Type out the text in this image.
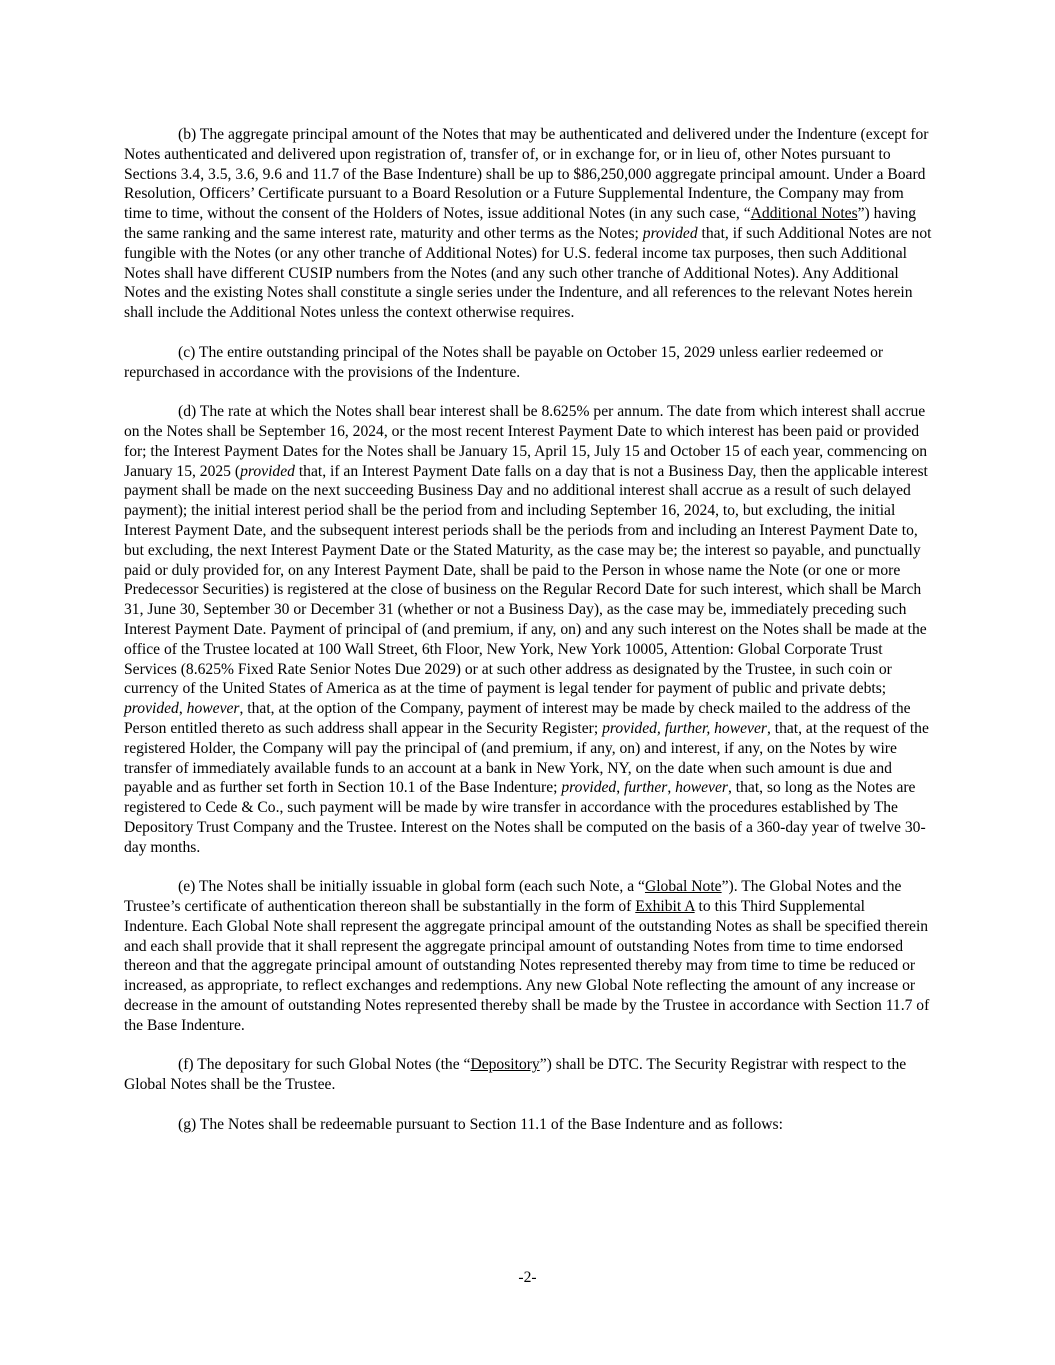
(b) The aggregate principal amount of the Notes that may be authenticated and delivered under the Indenture (except for Notes authenticated and delivered upon registration of, transfer of, or in exchange for, or in lieu of, other Notes pursuant to Sections 3.4, 3.5, 3.6, 9.6 and 11.7 of the Base Indenture) shall be up to $86,250,000 aggregate principal amount. Under a Board Resolution, Officers’ Certificate pursuant to a Board Resolution or a Future Supplemental Indenture, the Company may from time to time, without the consent of the Holders of Notes, issue additional Notes (in any such case, “Additional Notes”) having the same ranking and the same interest rate, maturity and other terms as the Notes; provided that, if such Additional Notes are not fungible with the Notes (or any other tranche of Additional Notes) for U.S. federal income tax purposes, then such Additional Notes shall have different CUSIP numbers from the Notes (and any such other tranche of Additional Notes). Any Additional Notes and the existing Notes shall constitute a single series under the Indenture, and all references to the relevant Notes herein shall include the Additional Notes unless the context otherwise requires.

(c) The entire outstanding principal of the Notes shall be payable on October 15, 2029 unless earlier redeemed or repurchased in accordance with the provisions of the Indenture.

(d) The rate at which the Notes shall bear interest shall be 8.625% per annum. The date from which interest shall accrue on the Notes shall be September 16, 2024, or the most recent Interest Payment Date to which interest has been paid or provided for; the Interest Payment Dates for the Notes shall be January 15, April 15, July 15 and October 15 of each year, commencing on January 15, 2025 (provided that, if an Interest Payment Date falls on a day that is not a Business Day, then the applicable interest payment shall be made on the next succeeding Business Day and no additional interest shall accrue as a result of such delayed payment); the initial interest period shall be the period from and including September 16, 2024, to, but excluding, the initial Interest Payment Date, and the subsequent interest periods shall be the periods from and including an Interest Payment Date to, but excluding, the next Interest Payment Date or the Stated Maturity, as the case may be; the interest so payable, and punctually paid or duly provided for, on any Interest Payment Date, shall be paid to the Person in whose name the Note (or one or more Predecessor Securities) is registered at the close of business on the Regular Record Date for such interest, which shall be March 31, June 30, September 30 or December 31 (whether or not a Business Day), as the case may be, immediately preceding such Interest Payment Date. Payment of principal of (and premium, if any, on) and any such interest on the Notes shall be made at the office of the Trustee located at 100 Wall Street, 6th Floor, New York, New York 10005, Attention: Global Corporate Trust Services (8.625% Fixed Rate Senior Notes Due 2029) or at such other address as designated by the Trustee, in such coin or currency of the United States of America as at the time of payment is legal tender for payment of public and private debts; provided, however, that, at the option of the Company, payment of interest may be made by check mailed to the address of the Person entitled thereto as such address shall appear in the Security Register; provided, further, however, that, at the request of the registered Holder, the Company will pay the principal of (and premium, if any, on) and interest, if any, on the Notes by wire transfer of immediately available funds to an account at a bank in New York, NY, on the date when such amount is due and payable and as further set forth in Section 10.1 of the Base Indenture; provided, further, however, that, so long as the Notes are registered to Cede & Co., such payment will be made by wire transfer in accordance with the procedures established by The Depository Trust Company and the Trustee. Interest on the Notes shall be computed on the basis of a 360-day year of twelve 30-day months.

(e) The Notes shall be initially issuable in global form (each such Note, a “Global Note”). The Global Notes and the Trustee’s certificate of authentication thereon shall be substantially in the form of Exhibit A to this Third Supplemental Indenture. Each Global Note shall represent the aggregate principal amount of the outstanding Notes as shall be specified therein and each shall provide that it shall represent the aggregate principal amount of outstanding Notes from time to time endorsed thereon and that the aggregate principal amount of outstanding Notes represented thereby may from time to time be reduced or increased, as appropriate, to reflect exchanges and redemptions. Any new Global Note reflecting the amount of any increase or decrease in the amount of outstanding Notes represented thereby shall be made by the Trustee in accordance with Section 11.7 of the Base Indenture.

(f) The depositary for such Global Notes (the “Depository”) shall be DTC. The Security Registrar with respect to the Global Notes shall be the Trustee.

(g) The Notes shall be redeemable pursuant to Section 11.1 of the Base Indenture and as follows:

-2-
